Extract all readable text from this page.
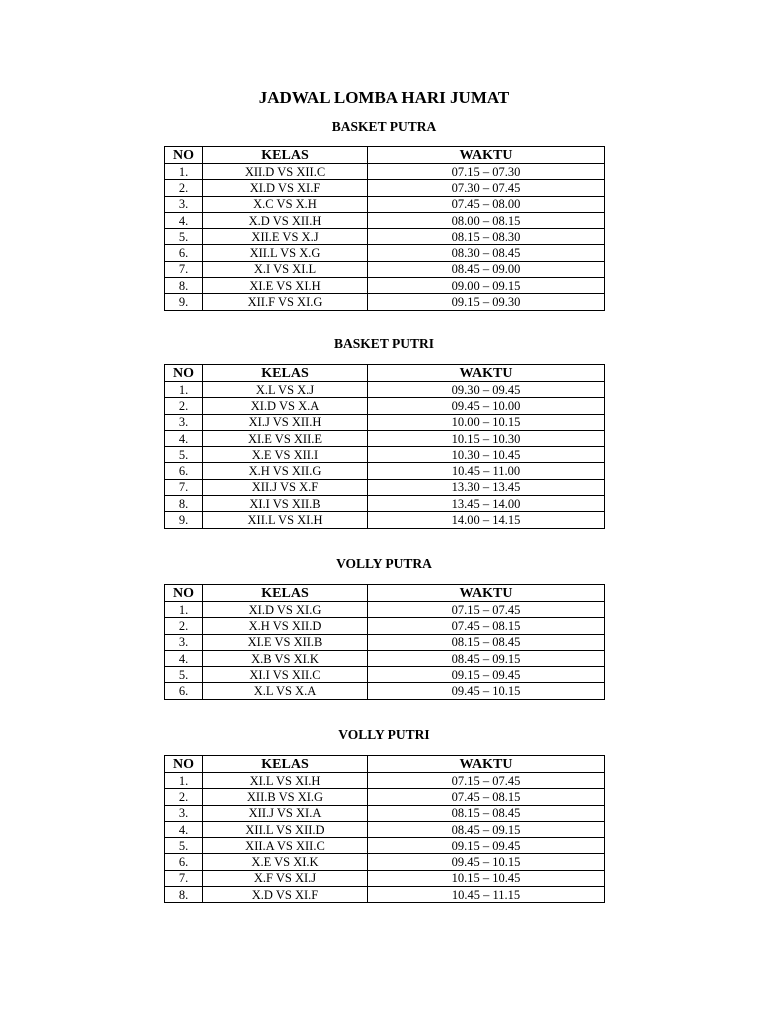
JADWAL LOMBA HARI JUMAT
BASKET PUTRA
NO	KELAS	WAKTU
1.	XII.D VS XII.C	07.15 – 07.30
2.	XI.D VS XI.F	07.30 – 07.45
3.	X.C VS X.H	07.45 – 08.00
4.	X.D VS XII.H	08.00 – 08.15
5.	XII.E VS X.J	08.15 – 08.30
6.	XII.L VS X.G	08.30 – 08.45
7.	X.I VS XI.L	08.45 – 09.00
8.	XI.E VS XI.H	09.00 – 09.15
9.	XII.F VS XI.G	09.15 – 09.30
BASKET PUTRI
NO	KELAS	WAKTU
1.	X.L VS X.J	09.30 – 09.45
2.	XI.D VS X.A	09.45 – 10.00
3.	XI.J VS XII.H	10.00 – 10.15
4.	XI.E VS XII.E	10.15 – 10.30
5.	X.E VS XII.I	10.30 – 10.45
6.	X.H VS XII.G	10.45 – 11.00
7.	XII.J VS X.F	13.30 – 13.45
8.	XI.I VS XII.B	13.45 – 14.00
9.	XII.L VS XI.H	14.00 – 14.15
VOLLY PUTRA
NO	KELAS	WAKTU
1.	XI.D VS XI.G	07.15 – 07.45
2.	X.H VS XII.D	07.45 – 08.15
3.	XI.E VS XII.B	08.15 – 08.45
4.	X.B VS XI.K	08.45 – 09.15
5.	XI.I VS XII.C	09.15 – 09.45
6.	X.L VS X.A	09.45 – 10.15
VOLLY PUTRI
NO	KELAS	WAKTU
1.	XI.L VS XI.H	07.15 – 07.45
2.	XII.B VS XI.G	07.45 – 08.15
3.	XII.J VS XI.A	08.15 – 08.45
4.	XII.L VS XII.D	08.45 – 09.15
5.	XII.A VS XII.C	09.15 – 09.45
6.	X.E VS XI.K	09.45 – 10.15
7.	X.F VS XI.J	10.15 – 10.45
8.	X.D VS XI.F	10.45 – 11.15
